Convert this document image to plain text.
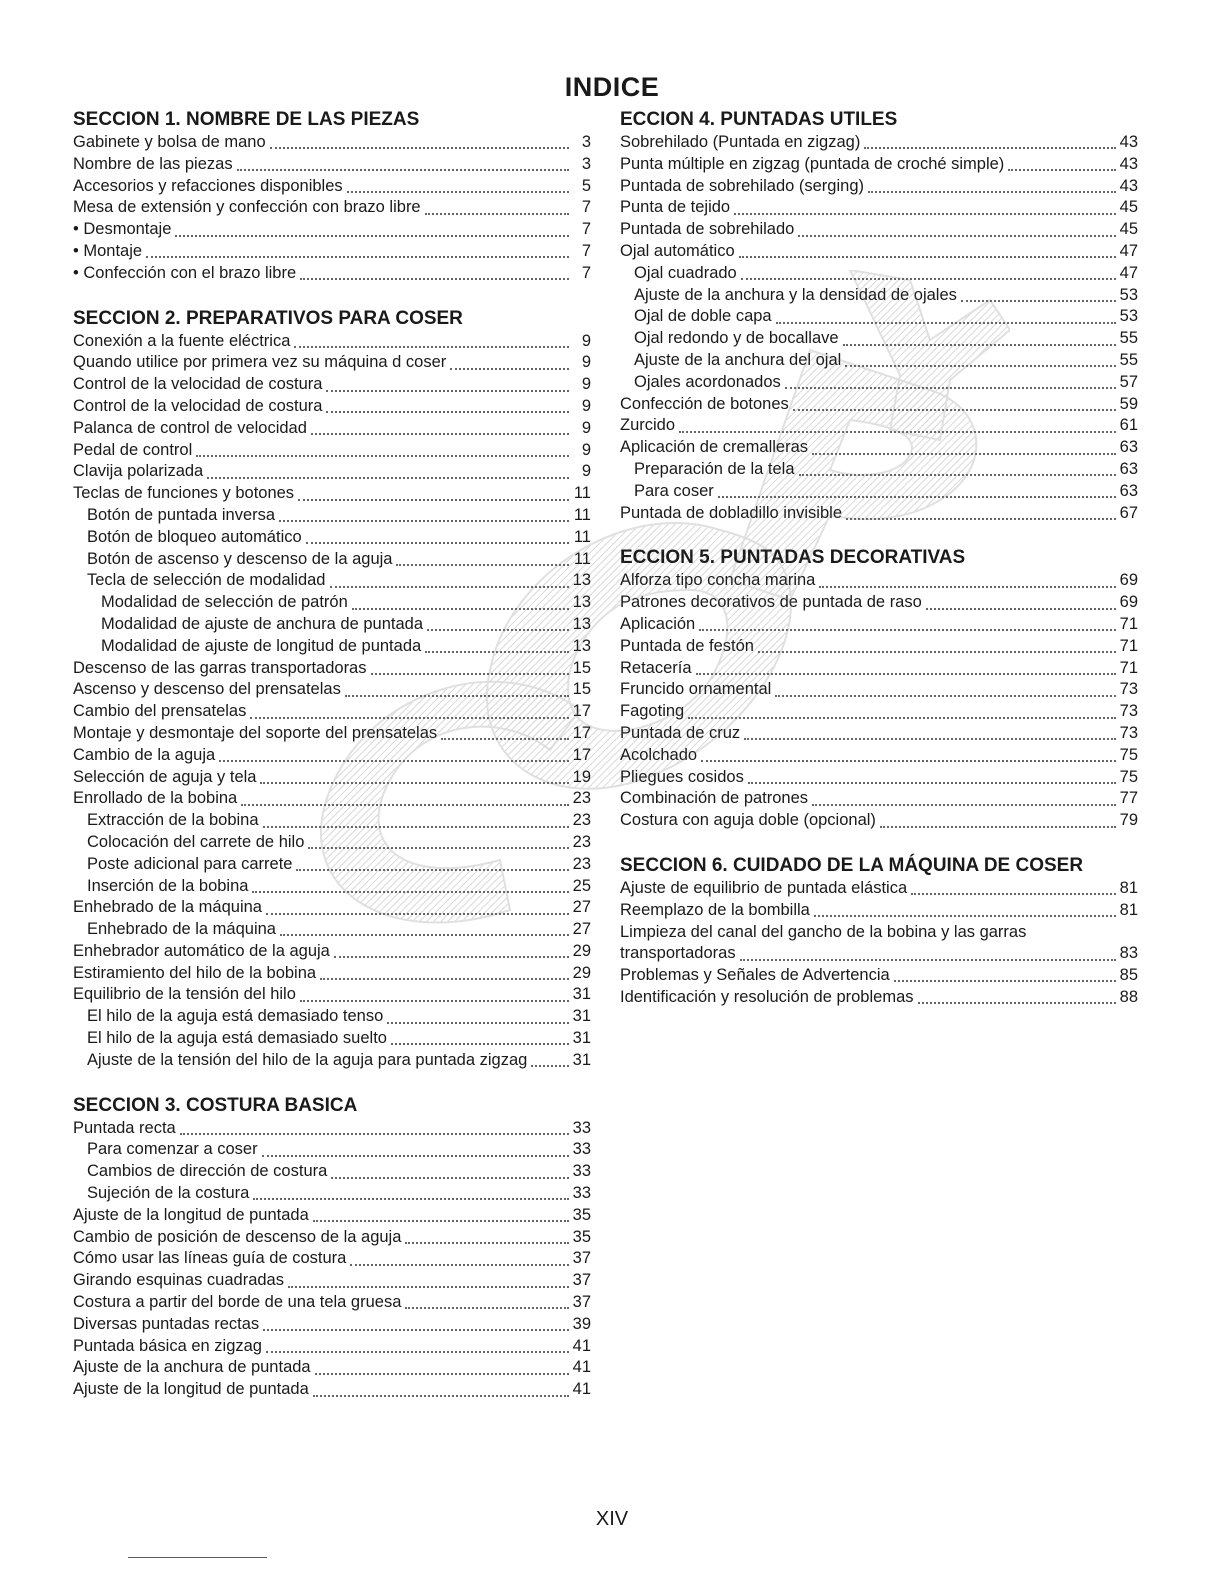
INDICE
SECCION 1. NOMBRE DE LAS PIEZAS
Gabinete y bolsa de mano	3
Nombre de las piezas	3
Accesorios y refacciones disponibles	5
Mesa de extensión y confección con brazo libre	7
• Desmontaje	7
• Montaje	7
• Confección con el brazo libre	7
SECCION 2. PREPARATIVOS PARA COSER
Conexión a la fuente eléctrica	9
Quando utilice por primera vez su máquina d coser	9
Control de la velocidad de costura	9
Control de la velocidad de costura	9
Palanca de control de velocidad	9
Pedal de control	9
Clavija polarizada	9
Teclas de funciones y botones	11
Botón de puntada inversa	11
Botón de bloqueo automático	11
Botón de ascenso y descenso de la aguja	11
Tecla de selección de modalidad	13
Modalidad de selección de patrón	13
Modalidad de ajuste de anchura de puntada	13
Modalidad de ajuste de longitud de puntada	13
Descenso de las garras transportadoras	15
Ascenso y descenso del prensatelas	15
Cambio del prensatelas	17
Montaje y desmontaje del soporte del prensatelas	17
Cambio de la aguja	17
Selección de aguja y tela	19
Enrollado de la bobina	23
Extracción de la bobina	23
Colocación del carrete de hilo	23
Poste adicional para carrete	23
Inserción de la bobina	25
Enhebrado de la máquina	27
Enhebrado de la máquina	27
Enhebrador automático de la aguja	29
Estiramiento del hilo de la bobina	29
Equilibrio de la tensión del hilo	31
El hilo de la aguja está demasiado tenso	31
El hilo de la aguja está demasiado suelto	31
Ajuste de la tensión del hilo de la aguja para puntada zigzag	31
SECCION 3. COSTURA BASICA
Puntada recta	33
Para comenzar a coser	33
Cambios de dirección de costura	33
Sujeción de la costura	33
Ajuste de la longitud de puntada	35
Cambio de posición de descenso de la aguja	35
Cómo usar las líneas guía de costura	37
Girando esquinas cuadradas	37
Costura a partir del borde de una tela gruesa	37
Diversas puntadas rectas	39
Puntada básica en zigzag	41
Ajuste de la anchura de puntada	41
Ajuste de la longitud de puntada	41
ECCION 4. PUNTADAS UTILES
Sobrehilado (Puntada en zigzag)	43
Punta múltiple en zigzag (puntada de croché simple)	43
Puntada de sobrehilado (serging)	43
Punta de tejido	45
Puntada de sobrehilado	45
Ojal automático	47
Ojal cuadrado	47
Ajuste de la anchura y la densidad de ojales	53
Ojal de doble capa	53
Ojal redondo y de bocallave	55
Ajuste de la anchura del ojal	55
Ojales acordonados	57
Confección de botones	59
Zurcido	61
Aplicación de cremalleras	63
Preparación de la tela	63
Para coser	63
Puntada de dobladillo invisible	67
ECCION 5. PUNTADAS DECORATIVAS
Alforza tipo concha marina	69
Patrones decorativos de puntada de raso	69
Aplicación	71
Puntada de festón	71
Retacería	71
Fruncido ornamental	73
Fagoting	73
Puntada de cruz	73
Acolchado	75
Pliegues cosidos	75
Combinación de patrones	77
Costura con aguja doble (opcional)	79
SECCION 6. CUIDADO DE LA MÁQUINA DE COSER
Ajuste de equilibrio de puntada elástica	81
Reemplazo de la bombilla	81
Limpieza del canal del gancho de la bobina y las garras
transportadoras	83
Problemas y Señales de Advertencia	85
Identificación y resolución de problemas	88
XIV
